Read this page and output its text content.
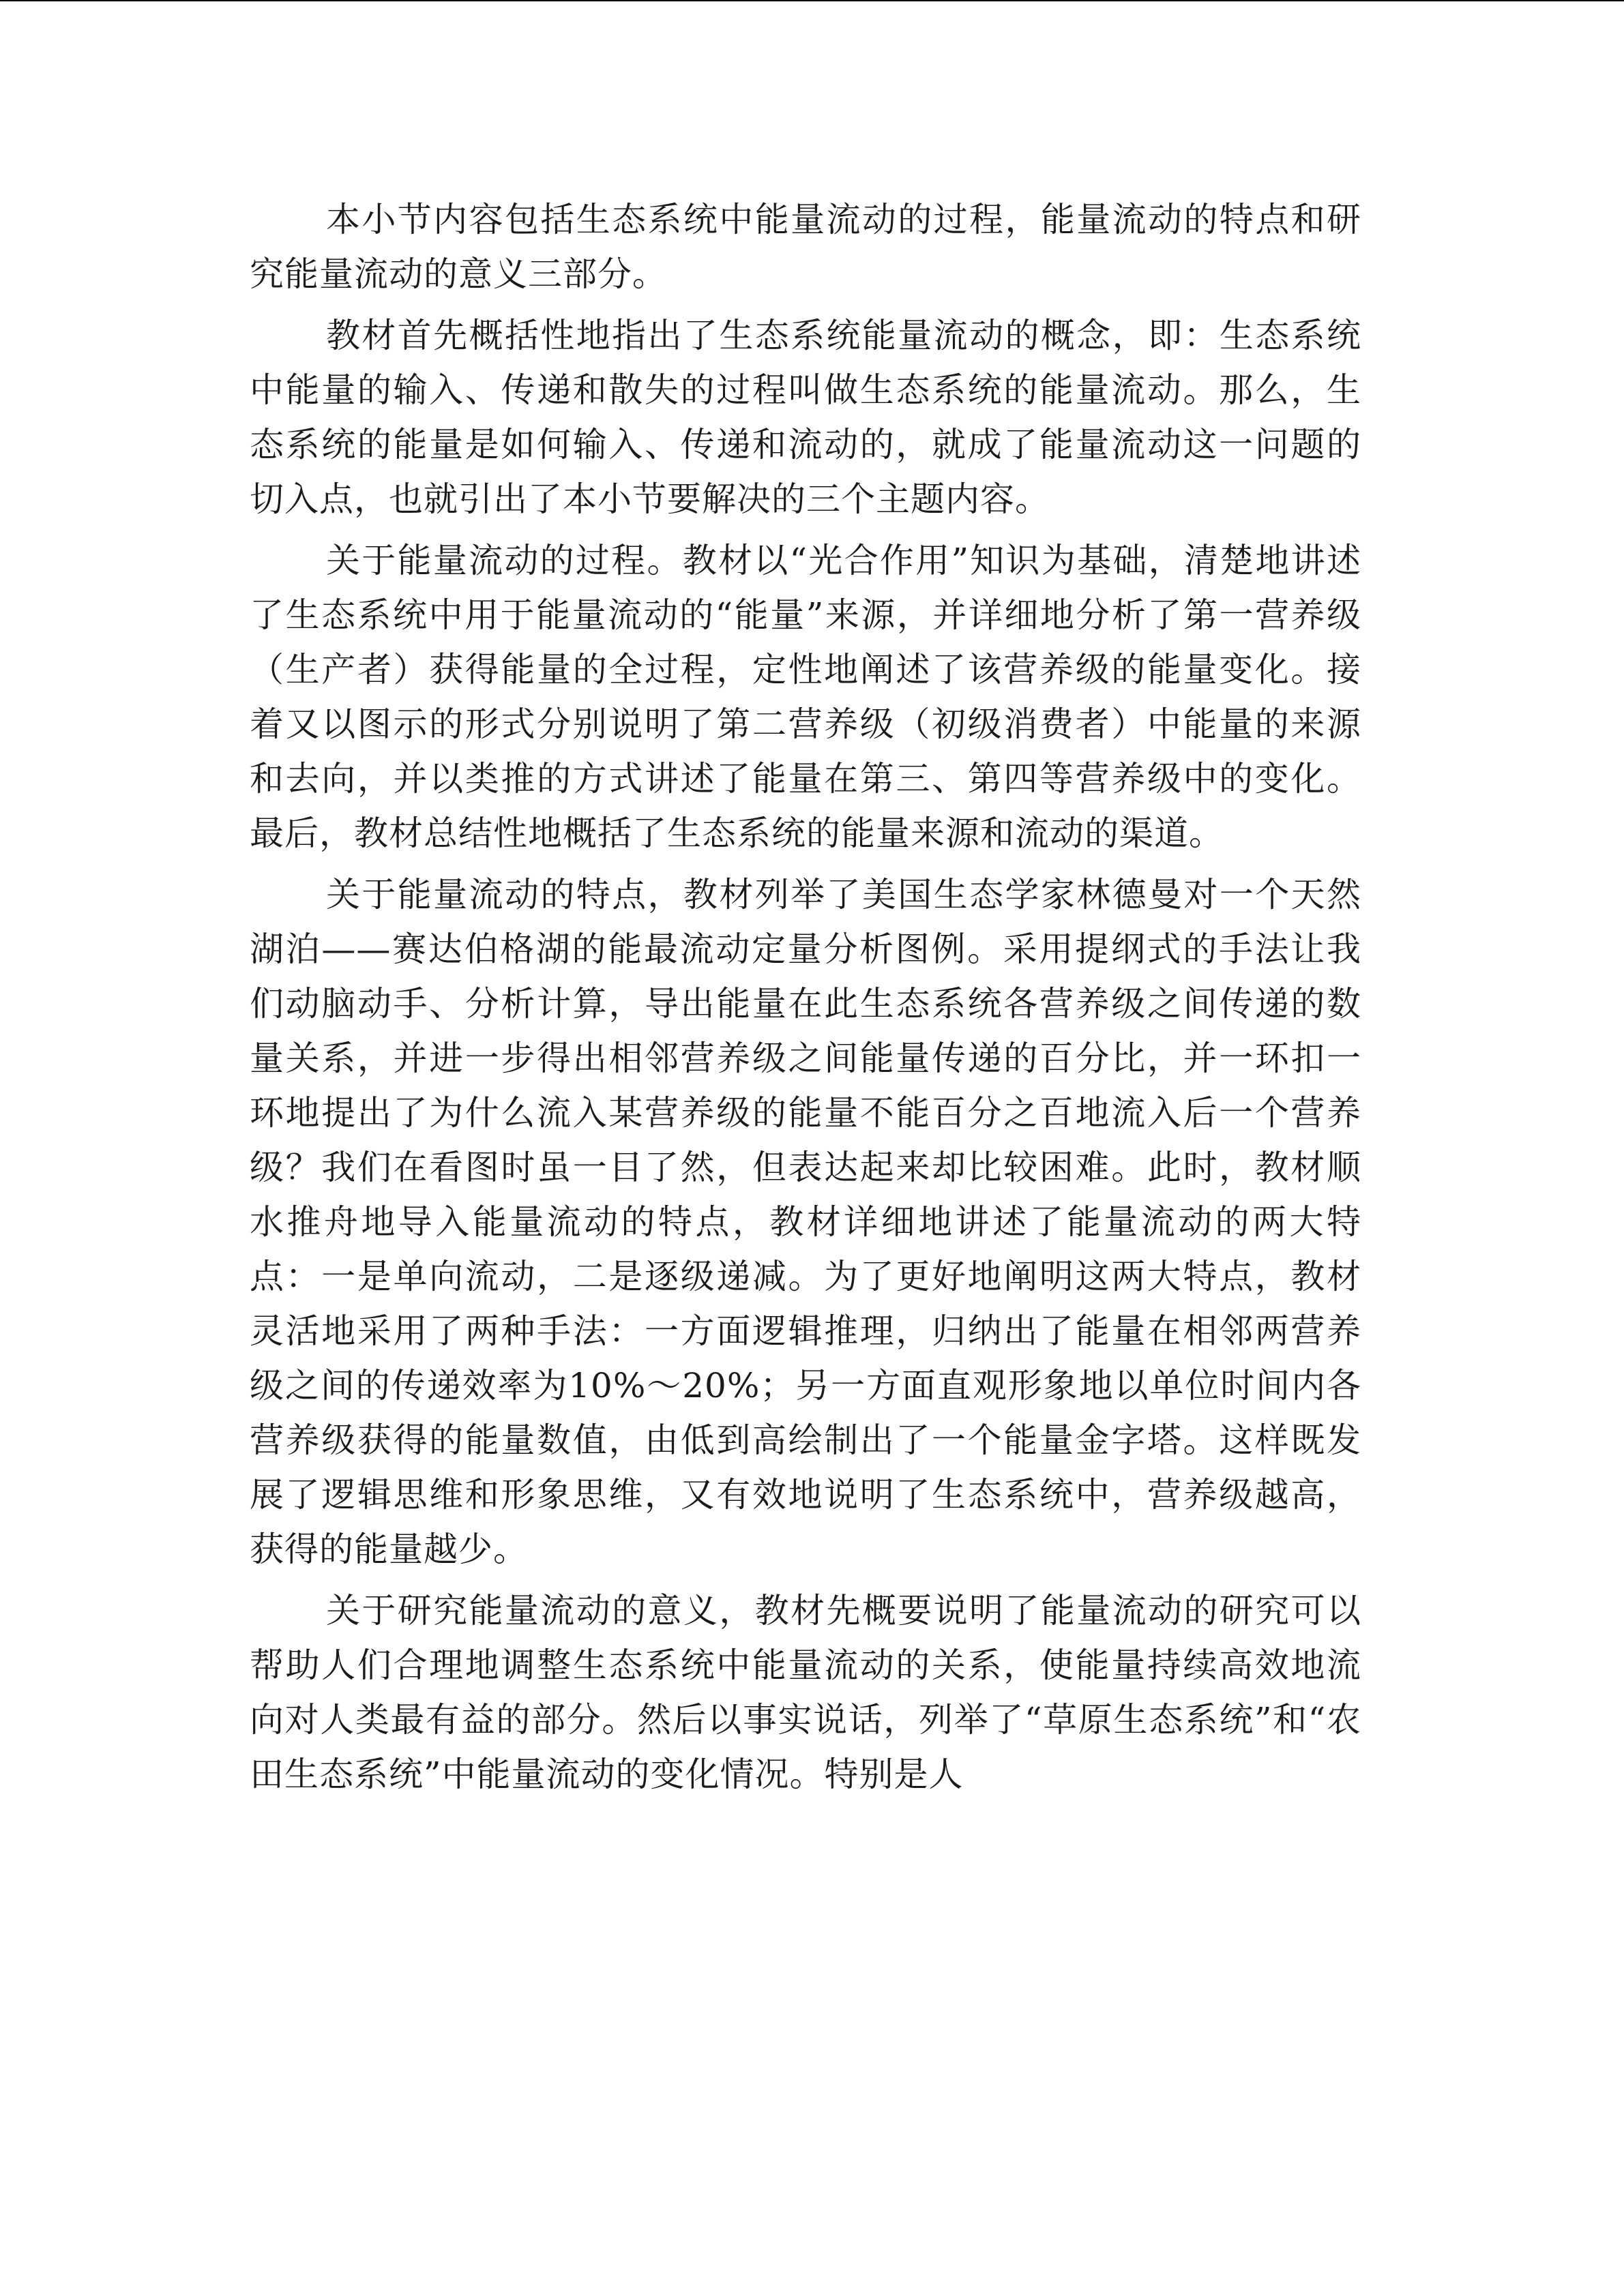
本小节内容包括生态系统中能量流动的过程，能量流动的特点和研究能量流动的意义三部分。

教材首先概括性地指出了生态系统能量流动的概念，即：生态系统中能量的输入、传递和散失的过程叫做生态系统的能量流动。那么，生态系统的能量是如何输入、传递和流动的，就成了能量流动这一问题的切入点，也就引出了本小节要解决的三个主题内容。

关于能量流动的过程。教材以“光合作用”知识为基础，清楚地讲述了生态系统中用于能量流动的“能量”来源，并详细地分析了第一营养级（生产者）获得能量的全过程，定性地阐述了该营养级的能量变化。接着又以图示的形式分别说明了第二营养级（初级消费者）中能量的来源和去向，并以类推的方式讲述了能量在第三、第四等营养级中的变化。最后，教材总结性地概括了生态系统的能量来源和流动的渠道。

关于能量流动的特点，教材列举了美国生态学家林德曼对一个天然湖泊——赛达伯格湖的能最流动定量分析图例。采用提纲式的手法让我们动脑动手、分析计算，导出能量在此生态系统各营养级之间传递的数量关系，并进一步得出相邻营养级之间能量传递的百分比，并一环扣一环地提出了为什么流入某营养级的能量不能百分之百地流入后一个营养级？我们在看图时虽一目了然，但表达起来却比较困难。此时，教材顺水推舟地导入能量流动的特点，教材详细地讲述了能量流动的两大特点：一是单向流动，二是逐级递减。为了更好地阐明这两大特点，教材灵活地采用了两种手法：一方面逻辑推理，归纳出了能量在相邻两营养级之间的传递效率为10%～20%；另一方面直观形象地以单位时间内各营养级获得的能量数值，由低到高绘制出了一个能量金字塔。这样既发展了逻辑思维和形象思维，又有效地说明了生态系统中，营养级越高，获得的能量越少。

关于研究能量流动的意义，教材先概要说明了能量流动的研究可以帮助人们合理地调整生态系统中能量流动的关系，使能量持续高效地流向对人类最有益的部分。然后以事实说话，列举了“草原生态系统”和“农田生态系统”中能量流动的变化情况。特别是人
